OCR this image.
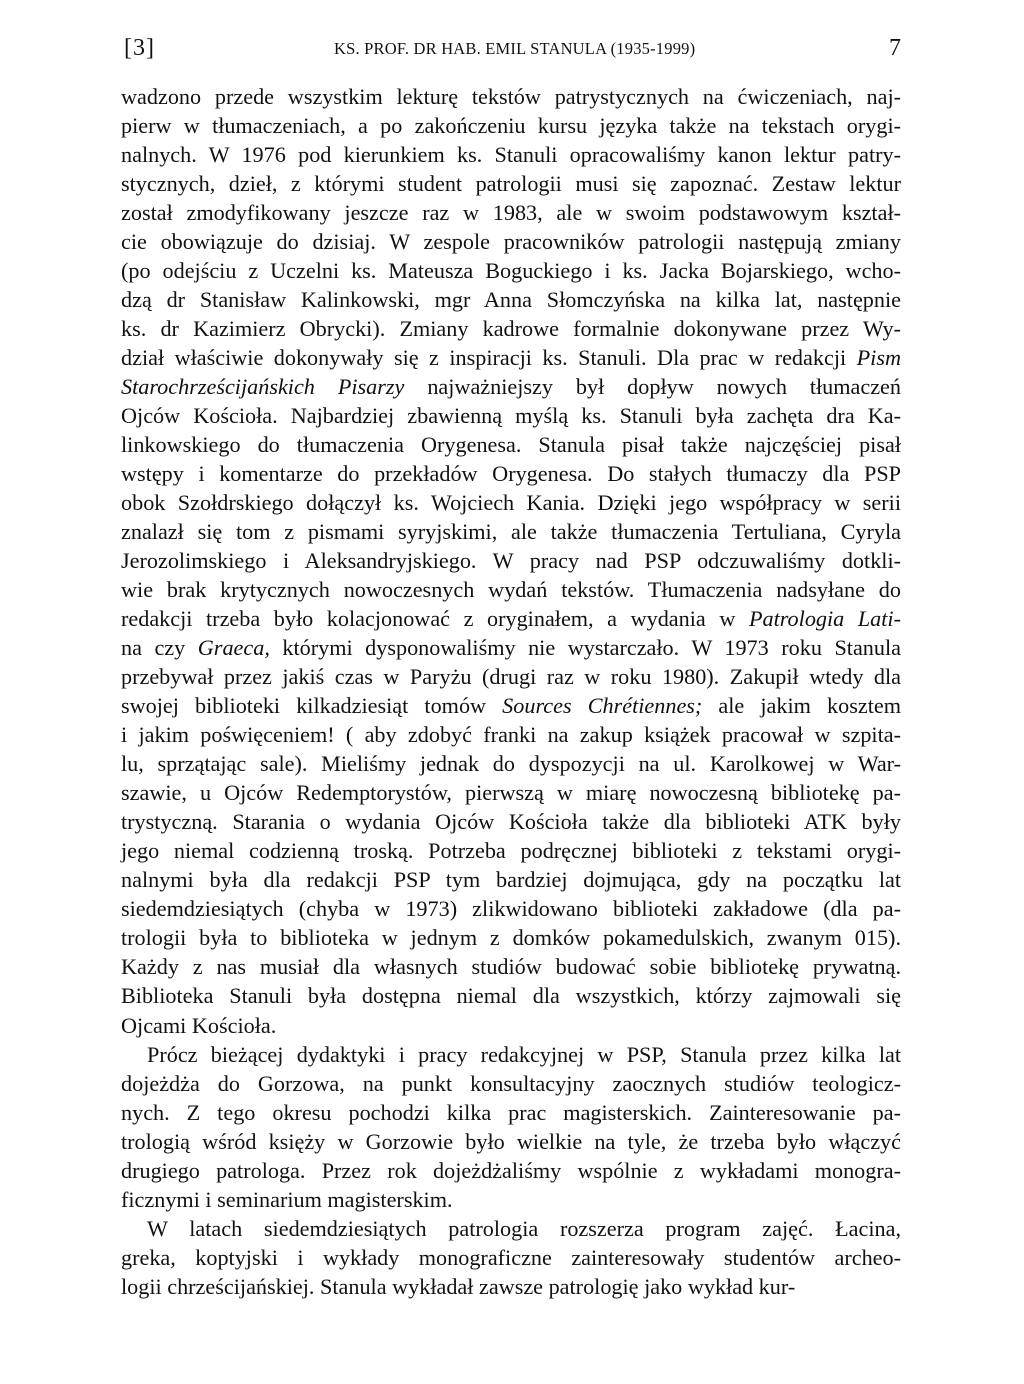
[3]	KS. PROF. DR HAB. EMIL STANULA (1935-1999)	7
wadzono przede wszystkim lekturę tekstów patrystycznych na ćwiczeniach, naj-
pierw w tłumaczeniach, a po zakończeniu kursu języka także na tekstach orygi-
nalnych. W 1976 pod kierunkiem ks. Stanuli opracowaliśmy kanon lektur patry-
stycznych, dzieł, z którymi student patrologii musi się zapoznać. Zestaw lektur
został zmodyfikowany jeszcze raz w 1983, ale w swoim podstawowym kształ-
cie obowiązuje do dzisiaj. W zespole pracowników patrologii następują zmiany
(po odejściu z Uczelni ks. Mateusza Boguckiego i ks. Jacka Bojarskiego, wcho-
dzą dr Stanisław Kalinkowski, mgr Anna Słomczyńska na kilka lat, następnie
ks. dr Kazimierz Obrycki). Zmiany kadrowe formalnie dokonywane przez Wy-
dział właściwie dokonywały się z inspiracji ks. Stanuli. Dla prac w redakcji Pism
Starochrześcijańskich Pisarzy najważniejszy był dopływ nowych tłumaczeń
Ojców Kościoła. Najbardziej zbawienną myślą ks. Stanuli była zachęta dra Ka-
linkowskiego do tłumaczenia Orygenesa. Stanula pisał także najczęściej pisał
wstępy i komentarze do przekładów Orygenesa. Do stałych tłumaczy dla PSP
obok Szołdrskiego dołączył ks. Wojciech Kania. Dzięki jego współpracy w serii
znalazł się tom z pismami syryjskimi, ale także tłumaczenia Tertuliana, Cyryla
Jerozolimskiego i Aleksandryjskiego. W pracy nad PSP odczuwaliśmy dotkli-
wie brak krytycznych nowoczesnych wydań tekstów. Tłumaczenia nadsyłane do
redakcji trzeba było kolacjonować z oryginałem, a wydania w Patrologia Lati-
na czy Graeca, którymi dysponowaliśmy nie wystarczało. W 1973 roku Stanula
przebywał przez jakiś czas w Paryżu (drugi raz w roku 1980). Zakupił wtedy dla
swojej biblioteki kilkadziesiąt tomów Sources Chrétiennes; ale jakim kosztem
i jakim poświęceniem! ( aby zdobyć franki na zakup książek pracował w szpita-
lu, sprzątając sale). Mieliśmy jednak do dyspozycji na ul. Karolkowej w War-
szawie, u Ojców Redemptorystów, pierwszą w miarę nowoczesną bibliotekę pa-
trystyczną. Starania o wydania Ojców Kościoła także dla biblioteki ATK były
jego niemal codzienną troską. Potrzeba podręcznej biblioteki z tekstami orygi-
nalnymi była dla redakcji PSP tym bardziej dojmująca, gdy na początku lat
siedemdziesiątych (chyba w 1973) zlikwidowano biblioteki zakładowe (dla pa-
trologii była to biblioteka w jednym z domków pokamedulskich, zwanym 015).
Każdy z nas musiał dla własnych studiów budować sobie bibliotekę prywatną.
Biblioteka Stanuli była dostępna niemal dla wszystkich, którzy zajmowali się
Ojcami Kościoła.
Prócz bieżącej dydaktyki i pracy redakcyjnej w PSP, Stanula przez kilka lat
dojeżdża do Gorzowa, na punkt konsultacyjny zaocznych studiów teologicz-
nych. Z tego okresu pochodzi kilka prac magisterskich. Zainteresowanie pa-
trologią wśród księży w Gorzowie było wielkie na tyle, że trzeba było włączyć
drugiego patrologa. Przez rok dojeżdżaliśmy wspólnie z wykładami monogra-
ficznymi i seminarium magisterskim.
W latach siedemdziesiątych patrologia rozszerza program zajęć. Łacina,
greka, koptyjski i wykłady monograficzne zainteresowały studentów archeo-
logii chrześcijańskiej. Stanula wykładał zawsze patrologię jako wykład kur-
